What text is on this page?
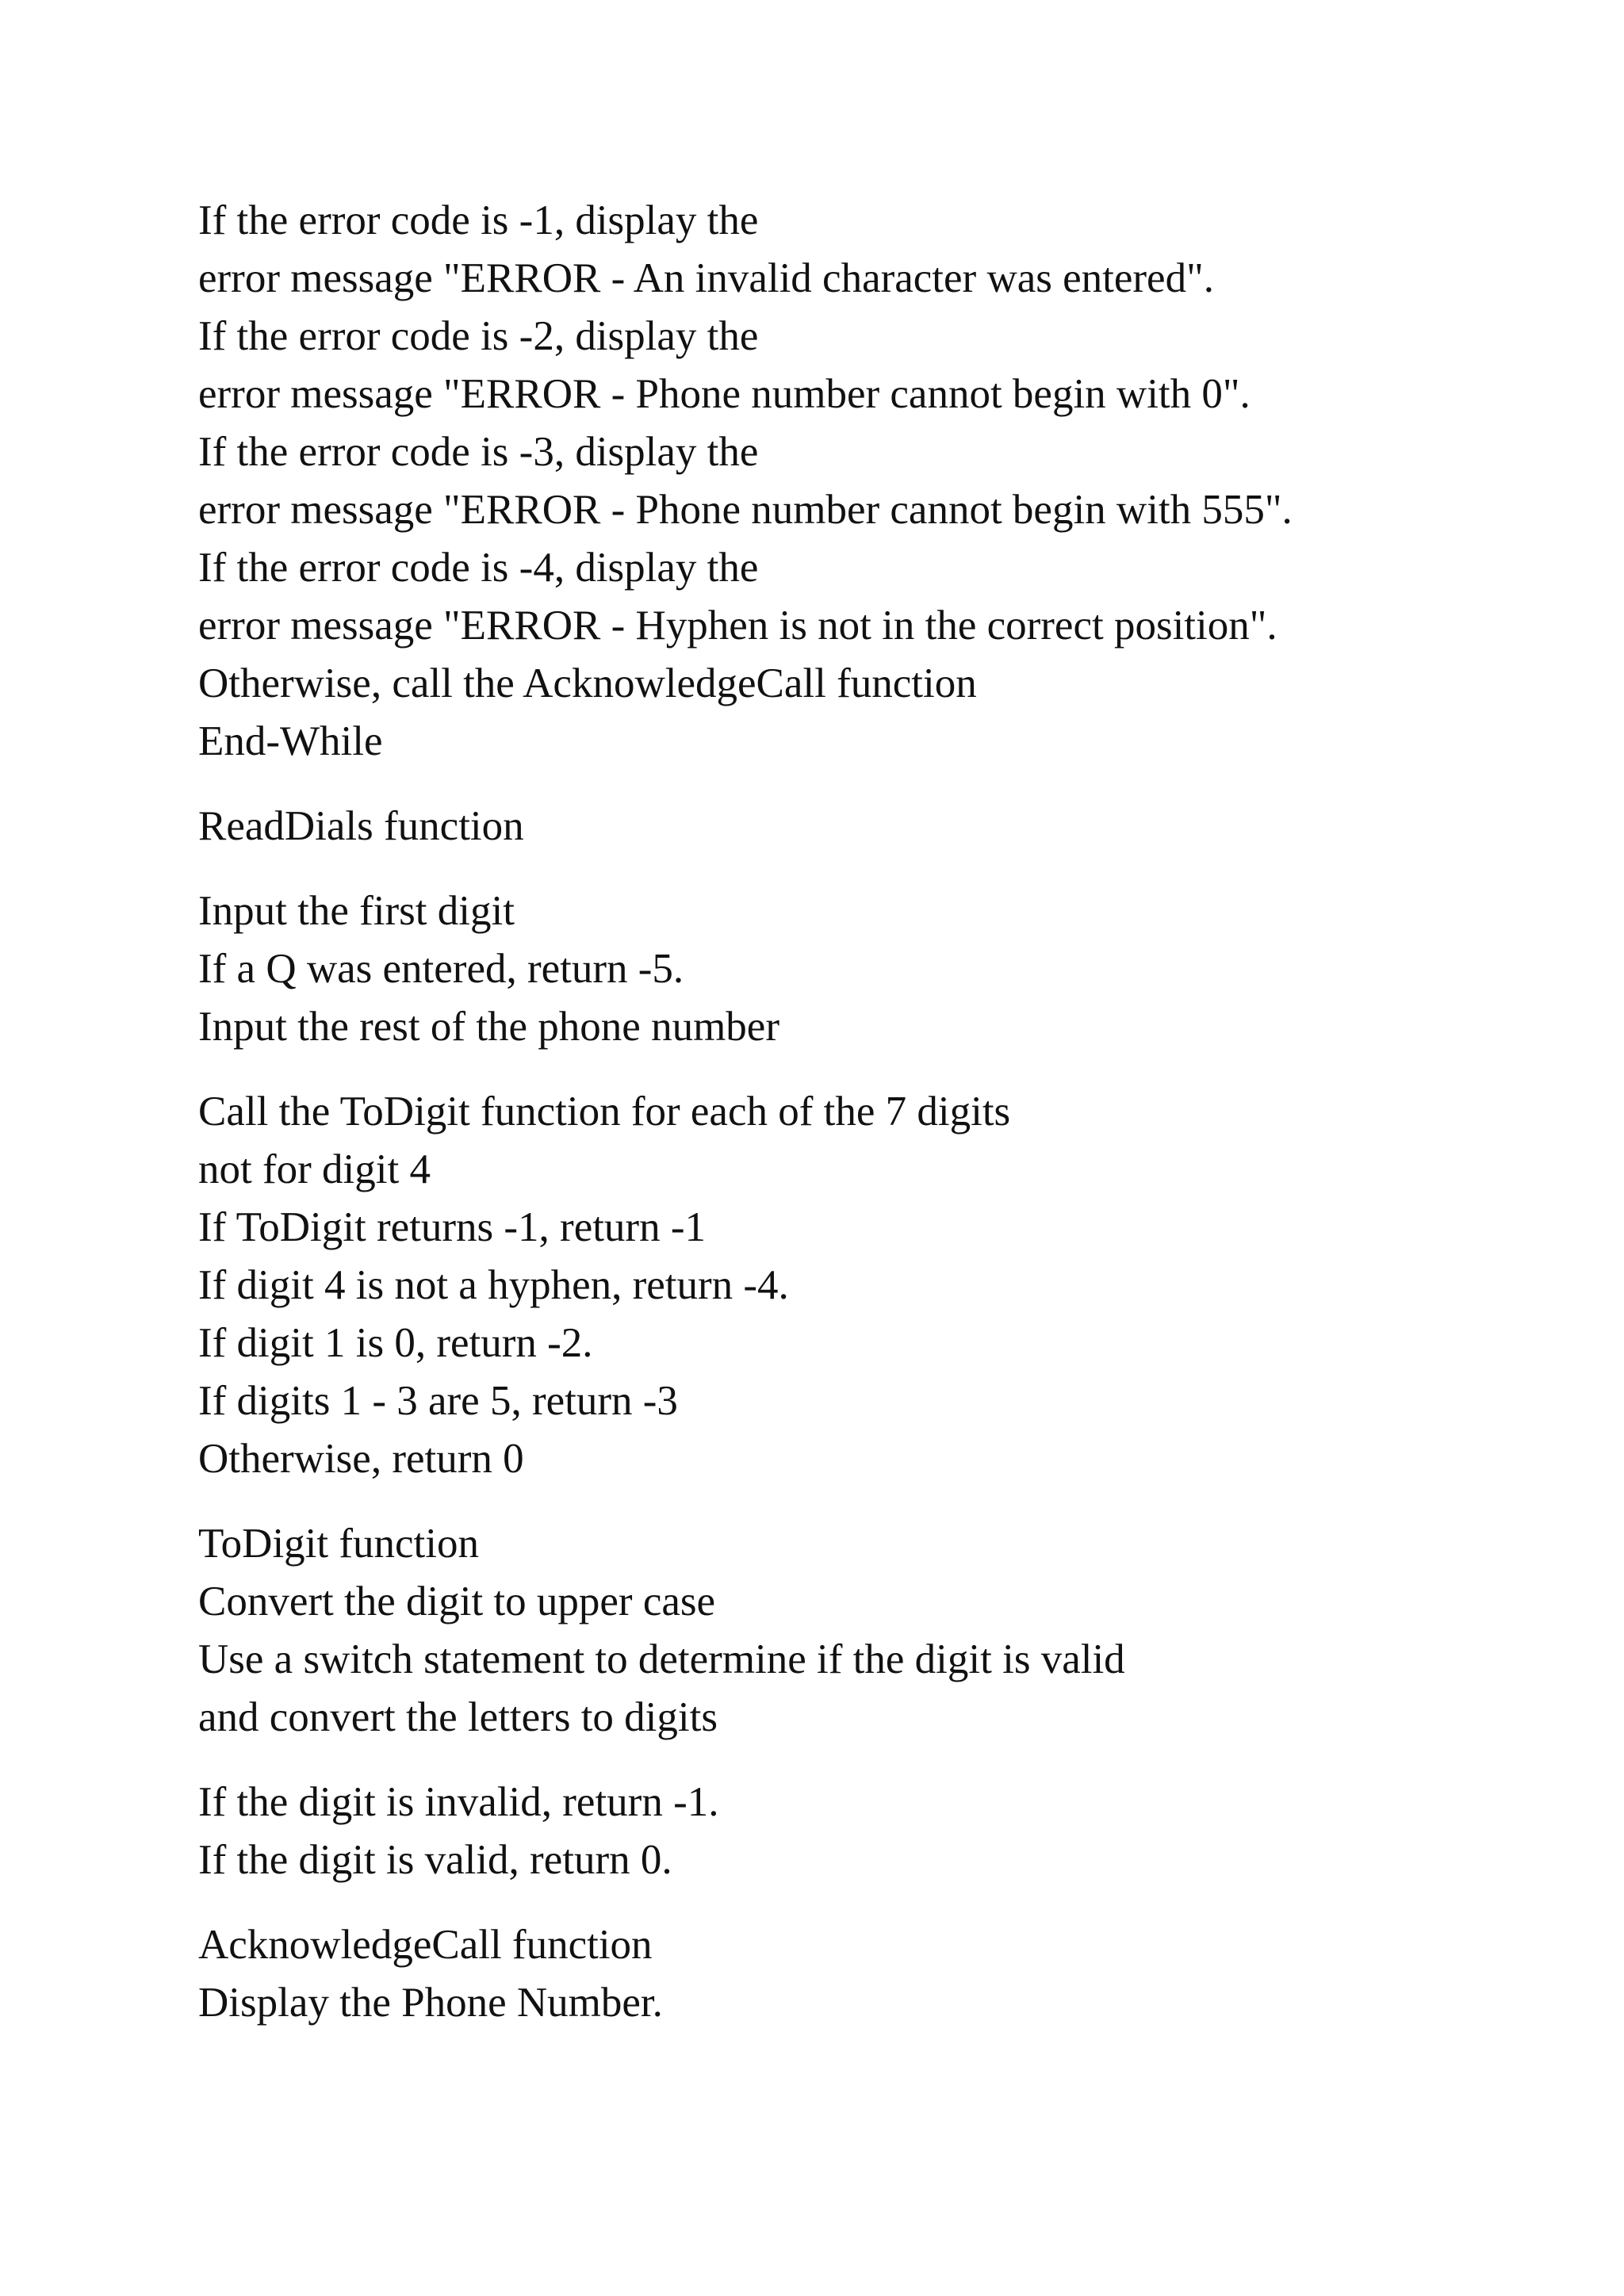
If the error code is -1, display the
error message "ERROR - An invalid character was entered".
If the error code is -2, display the
error message "ERROR - Phone number cannot begin with 0".
If the error code is -3, display the
error message "ERROR - Phone number cannot begin with 555".
If the error code is -4, display the
error message "ERROR - Hyphen is not in the correct position".
Otherwise, call the AcknowledgeCall function
End-While
ReadDials function
Input the first digit
If a Q was entered, return -5.
Input the rest of the phone number
Call the ToDigit function for each of the 7 digits
not for digit 4
If ToDigit returns -1, return -1
If digit 4 is not a hyphen, return -4.
If digit 1 is 0, return -2.
If digits 1 - 3 are 5, return -3
Otherwise, return 0
ToDigit function
Convert the digit to upper case
Use a switch statement to determine if the digit is valid
and convert the letters to digits
If the digit is invalid, return -1.
If the digit is valid, return 0.
AcknowledgeCall function
Display the Phone Number.
